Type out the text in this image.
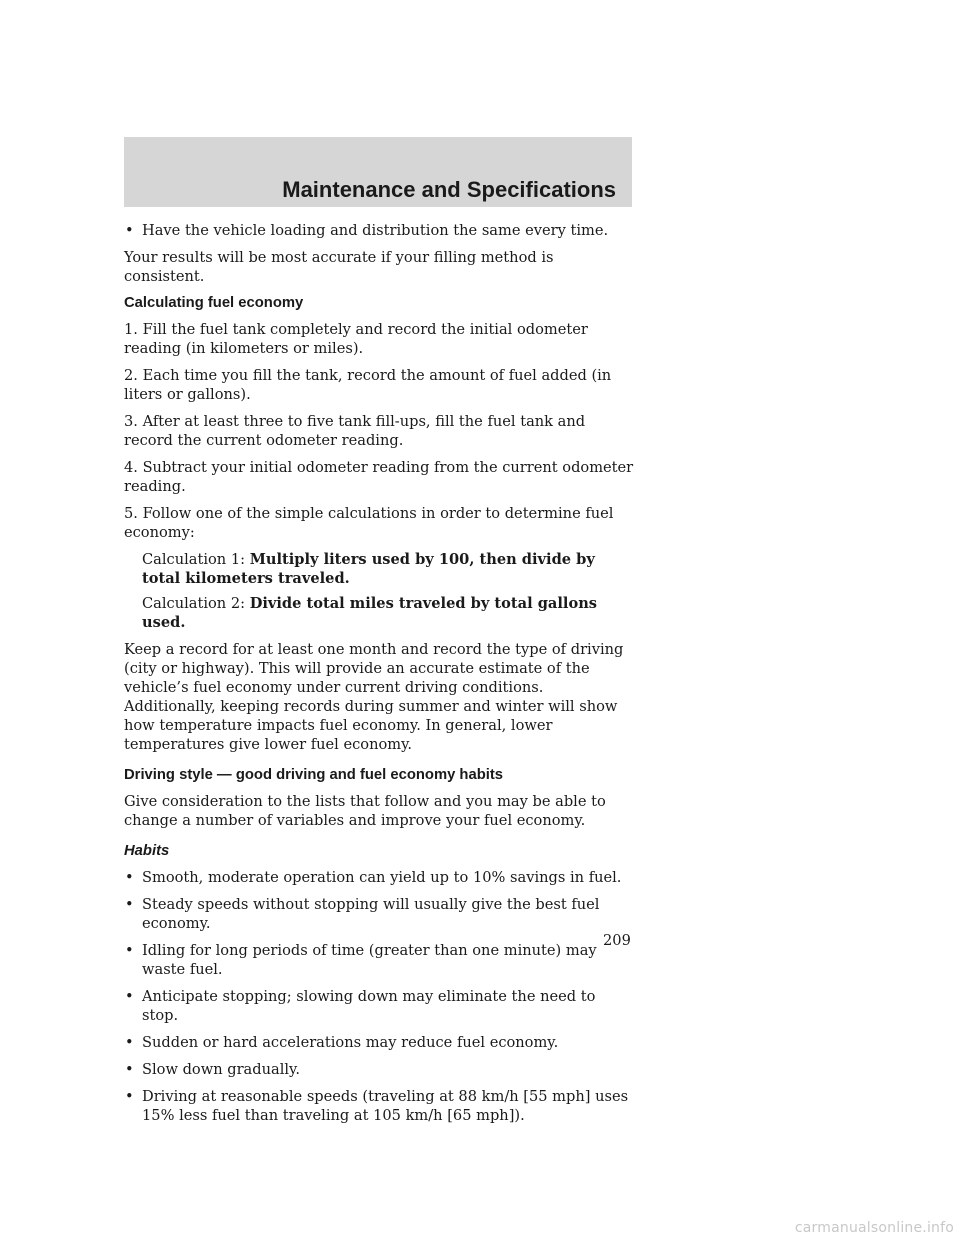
Maintenance and Specifications
• Have the vehicle loading and distribution the same every time.

Your results will be most accurate if your filling method is consistent.

Calculating fuel economy

1. Fill the fuel tank completely and record the initial odometer reading (in kilometers or miles).

2. Each time you fill the tank, record the amount of fuel added (in liters or gallons).

3. After at least three to five tank fill-ups, fill the fuel tank and record the current odometer reading.

4. Subtract your initial odometer reading from the current odometer reading.

5. Follow one of the simple calculations in order to determine fuel economy:

Calculation 1: Multiply liters used by 100, then divide by total kilometers traveled.
Calculation 2: Divide total miles traveled by total gallons used.

Keep a record for at least one month and record the type of driving (city or highway). This will provide an accurate estimate of the vehicle’s fuel economy under current driving conditions. Additionally, keeping records during summer and winter will show how temperature impacts fuel economy. In general, lower temperatures give lower fuel economy.

Driving style — good driving and fuel economy habits

Give consideration to the lists that follow and you may be able to change a number of variables and improve your fuel economy.

Habits
• Smooth, moderate operation can yield up to 10% savings in fuel.
• Steady speeds without stopping will usually give the best fuel economy.
• Idling for long periods of time (greater than one minute) may waste fuel.
• Anticipate stopping; slowing down may eliminate the need to stop.
• Sudden or hard accelerations may reduce fuel economy.
• Slow down gradually.
• Driving at reasonable speeds (traveling at 88 km/h [55 mph] uses 15% less fuel than traveling at 105 km/h [65 mph]).
209
carmanualsonline.info
